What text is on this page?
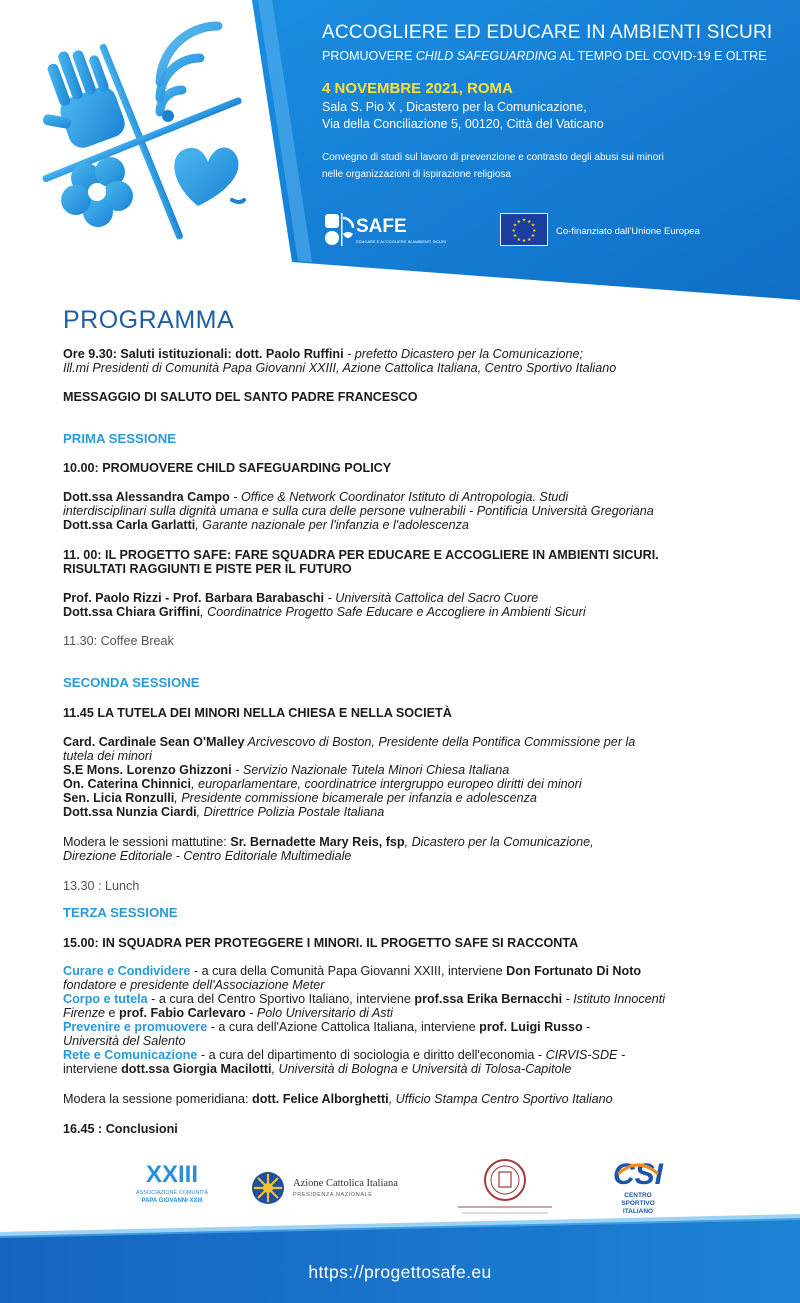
ACCOGLIERE ED EDUCARE IN AMBIENTI SICURI
PROMUOVERE CHILD SAFEGUARDING AL TEMPO DEL COVID-19 E OLTRE
4 NOVEMBRE 2021, ROMA
Sala S. Pio X , Dicastero per la Comunicazione,
Via della Conciliazione 5, 00120, Città del Vaticano
Convegno di studi sul lavoro di prevenzione e contrasto degli abusi sui minori
nelle organizzazioni di ispirazione religiosa
SAFE
EDUCARE E ACCOGLIERE IN AMBIENTI SICURI
★ ★
★
★
★
★
★
★
★
★
★
★
Co-finanziato dall'Unione Europea
PROGRAMMA
Ore 9.30: Saluti istituzionali: dott. Paolo Ruffini - prefetto Dicastero per la Comunicazione;
Ill.mi Presidenti di Comunità Papa Giovanni XXIII, Azione Cattolica Italiana, Centro Sportivo Italiano
MESSAGGIO DI SALUTO DEL SANTO PADRE FRANCESCO
PRIMA SESSIONE
10.00: PROMUOVERE CHILD SAFEGUARDING POLICY
Dott.ssa Alessandra Campo - Office & Network Coordinator Istituto di Antropologia. Studi
interdisciplinari sulla dignità umana e sulla cura delle persone vulnerabili - Pontificia Università Gregoriana
Dott.ssa Carla Garlatti, Garante nazionale per l'infanzia e l'adolescenza
11. 00: IL PROGETTO SAFE: FARE SQUADRA PER EDUCARE E ACCOGLIERE IN AMBIENTI SICURI.
RISULTATI RAGGIUNTI E PISTE PER IL FUTURO
Prof. Paolo Rizzi - Prof. Barbara Barabaschi - Università Cattolica del Sacro Cuore
Dott.ssa Chiara Griffini, Coordinatrice Progetto Safe Educare e Accogliere in Ambienti Sicuri
11.30: Coffee Break
SECONDA SESSIONE
11.45 LA TUTELA DEI MINORI NELLA CHIESA E NELLA SOCIETÀ
Card. Cardinale Sean O'Malley Arcivescovo di Boston, Presidente della Pontifica Commissione per la
tutela dei minori
S.E Mons. Lorenzo Ghizzoni - Servizio Nazionale Tutela Minori Chiesa Italiana
On. Caterina Chinnici, europarlamentare, coordinatrice intergruppo europeo diritti dei minori
Sen. Licia Ronzulli, Presidente commissione bicamerale per infanzia e adolescenza
Dott.ssa Nunzia Ciardi, Direttrice Polizia Postale Italiana
Modera le sessioni mattutine: Sr. Bernadette Mary Reis, fsp, Dicastero per la Comunicazione,
Direzione Editoriale - Centro Editoriale Multimediale
13.30 : Lunch
TERZA SESSIONE
15.00: IN SQUADRA PER PROTEGGERE I MINORI. IL PROGETTO SAFE SI RACCONTA
Curare e Condividere - a cura della Comunità Papa Giovanni XXIII, interviene Don Fortunato Di Noto
fondatore e presidente dell'Associazione Meter
Corpo e tutela - a cura del Centro Sportivo Italiano, interviene prof.ssa Erika Bernacchi - Istituto Innocenti
Firenze e prof. Fabio Carlevaro - Polo Universitario di Asti
Prevenire e promuovere - a cura dell'Azione Cattolica Italiana, interviene prof. Luigi Russo -
Università del Salento
Rete e Comunicazione - a cura del dipartimento di sociologia e diritto dell'economia - CIRVIS-SDE -
interviene dott.ssa Giorgia Macilotti, Università di Bologna e Università di Tolosa-Capitole
Modera la sessione pomeridiana: dott. Felice Alborghetti, Ufficio Stampa Centro Sportivo Italiano
16.45 : Conclusioni
XXIII
ASSOCIAZIONE COMUNITÀ
PAPA GIOVANNI XXIII
Azione Cattolica Italiana
PRESIDENZA NAZIONALE
CSI
CENTRO
SPORTIVO
ITALIANO
https://progettosafe.eu
